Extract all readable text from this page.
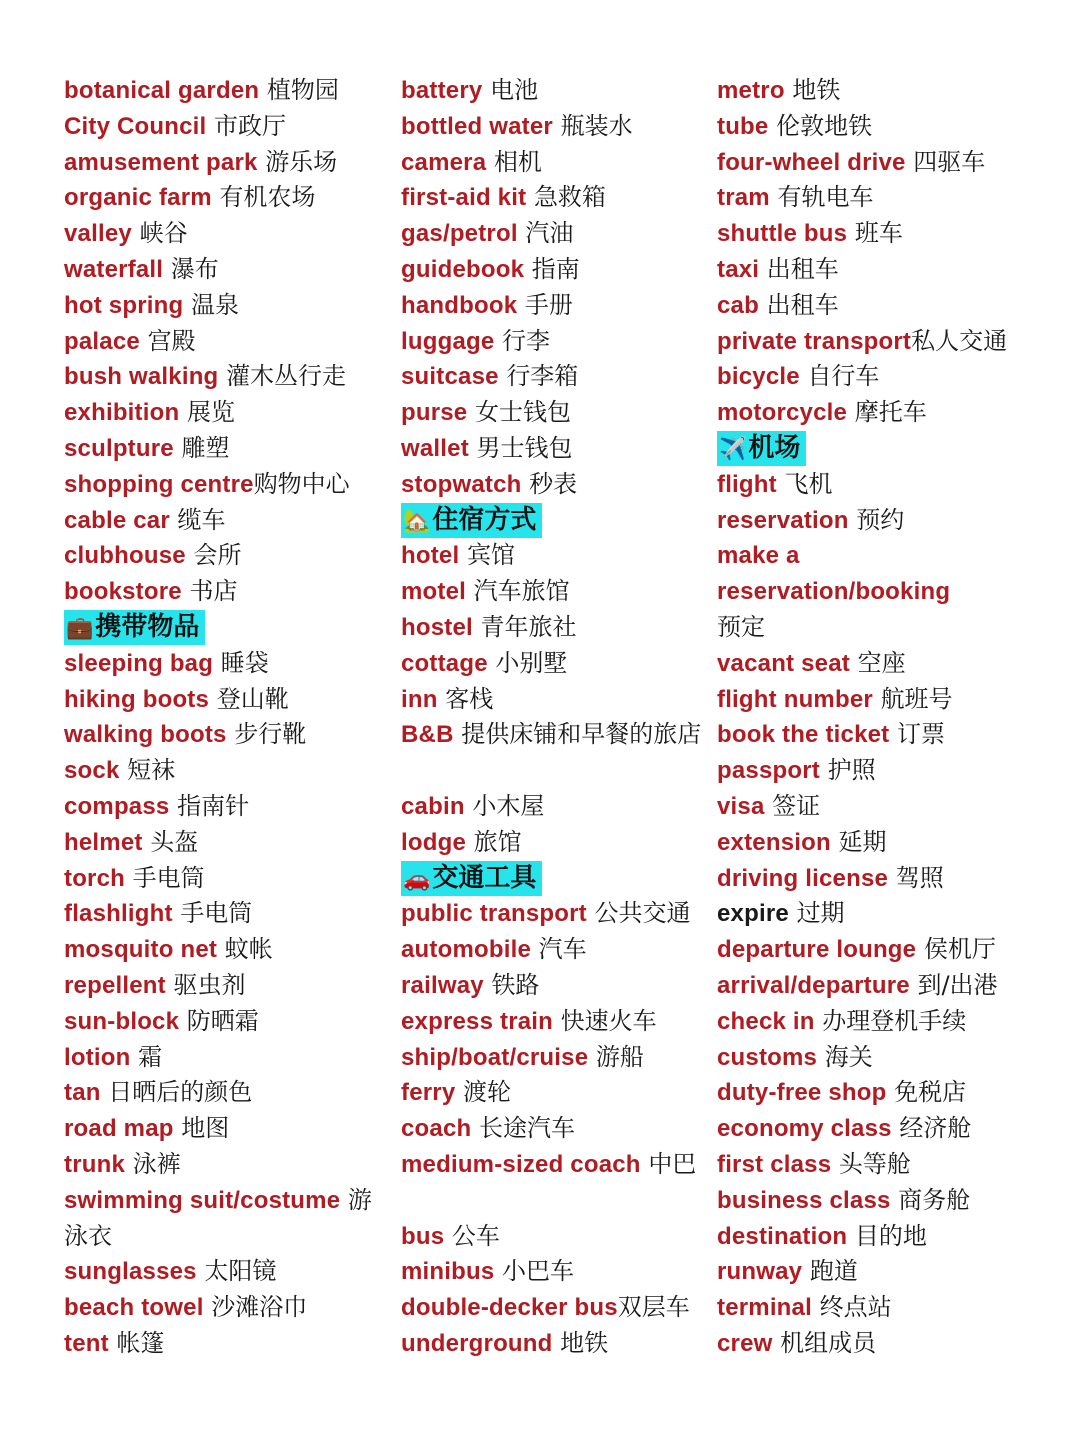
botanical garden 植物园
City Council 市政厅
amusement park 游乐场
organic farm 有机农场
valley 峡谷
waterfall 瀑布
hot spring 温泉
palace 宫殿
bush walking 灌木丛行走
exhibition 展览
sculpture 雕塑
shopping centre购物中心
cable car 缆车
clubhouse 会所
bookstore 书店
💼携带物品
sleeping bag 睡袋
hiking boots 登山靴
walking boots 步行靴
sock 短袜
compass 指南针
helmet 头盔
torch 手电筒
flashlight 手电筒
mosquito net 蚊帐
repellent 驱虫剂
sun-block 防晒霜
lotion 霜
tan 日晒后的颜色
road map 地图
trunk 泳裤
swimming suit/costume 游泳衣
sunglasses 太阳镜
beach towel 沙滩浴巾
tent 帐篷
battery 电池
bottled water 瓶装水
camera 相机
first-aid kit 急救箱
gas/petrol 汽油
guidebook 指南
handbook 手册
luggage 行李
suitcase 行李箱
purse 女士钱包
wallet 男士钱包
stopwatch 秒表
🏡住宿方式
hotel 宾馆
motel 汽车旅馆
hostel 青年旅社
cottage 小别墅
inn 客栈
B&B 提供床铺和早餐的旅店
cabin 小木屋
lodge 旅馆
🚗交通工具
public transport 公共交通
automobile 汽车
railway 铁路
express train 快速火车
ship/boat/cruise 游船
ferry 渡轮
coach 长途汽车
medium-sized coach 中巴
bus 公车
minibus 小巴车
double-decker bus双层车
underground 地铁
metro 地铁
tube 伦敦地铁
four-wheel drive 四驱车
tram 有轨电车
shuttle bus 班车
taxi 出租车
cab 出租车
private transport私人交通
bicycle 自行车
motorcycle 摩托车
✈️机场
flight 飞机
reservation 预约
make a
reservation/booking
预定
vacant seat 空座
flight number 航班号
book the ticket 订票
passport 护照
visa 签证
extension 延期
driving license 驾照
expire 过期
departure lounge 侯机厅
arrival/departure 到/出港
check in 办理登机手续
customs 海关
duty-free shop 免税店
economy class 经济舱
first class 头等舱
business class 商务舱
destination 目的地
runway 跑道
terminal 终点站
crew 机组成员
